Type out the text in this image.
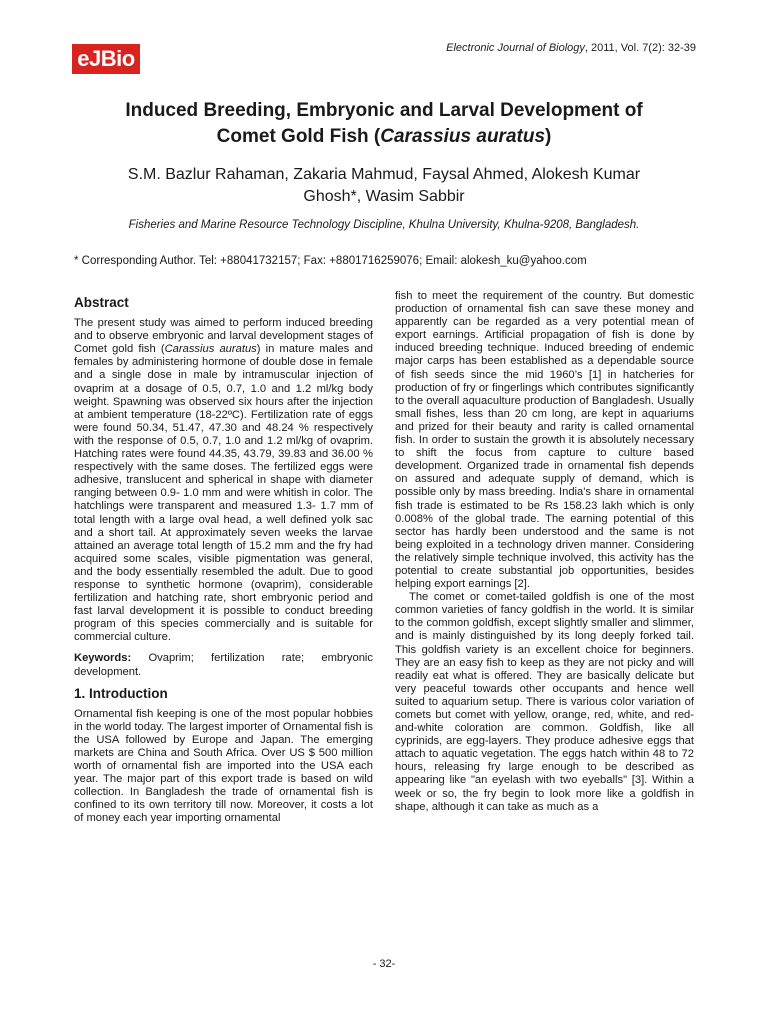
eJBio	Electronic Journal of Biology, 2011, Vol. 7(2): 32-39
Induced Breeding, Embryonic and Larval Development of
Comet Gold Fish (Carassius auratus)
S.M. Bazlur Rahaman, Zakaria Mahmud, Faysal Ahmed, Alokesh Kumar
Ghosh*, Wasim Sabbir
Fisheries and Marine Resource Technology Discipline, Khulna University, Khulna-9208, Bangladesh.
* Corresponding Author. Tel: +88041732157; Fax: +8801716259076; Email: alokesh_ku@yahoo.com
Abstract

The present study was aimed to perform induced breeding and to observe embryonic and larval development stages of Comet gold fish (Carassius auratus) in mature males and females by administering hormone of double dose in female and a single dose in male by intramuscular injection of ovaprim at a dosage of 0.5, 0.7, 1.0 and 1.2 ml/kg body weight. Spawning was observed six hours after the injection at ambient temperature (18-22ºC). Fertilization rate of eggs were found 50.34, 51.47, 47.30 and 48.24 % respectively with the response of 0.5, 0.7, 1.0 and 1.2 ml/kg of ovaprim. Hatching rates were found 44.35, 43.79, 39.83 and 36.00 % respectively with the same doses. The fertilized eggs were adhesive, translucent and spherical in shape with diameter ranging between 0.9- 1.0 mm and were whitish in color. The hatchlings were transparent and measured 1.3- 1.7 mm of total length with a large oval head, a well defined yolk sac and a short tail. At approximately seven weeks the larvae attained an average total length of 15.2 mm and the fry had acquired some scales, visible pigmentation was general, and the body essentially resembled the adult. Due to good response to synthetic hormone (ovaprim), considerable fertilization and hatching rate, short embryonic period and fast larval development it is possible to conduct breeding program of this species commercially and is suitable for commercial culture.

Keywords: Ovaprim; fertilization rate; embryonic development.

1. Introduction

Ornamental fish keeping is one of the most popular hobbies in the world today. The largest importer of Ornamental fish is the USA followed by Europe and Japan. The emerging markets are China and South Africa. Over US $ 500 million worth of ornamental fish are imported into the USA each year. The major part of this export trade is based on wild collection. In Bangladesh the trade of ornamental fish is confined to its own territory till now. Moreover, it costs a lot of money each year importing ornamental

fish to meet the requirement of the country. But domestic production of ornamental fish can save these money and apparently can be regarded as a very potential mean of export earnings. Artificial propagation of fish is done by induced breeding technique. Induced breeding of endemic major carps has been established as a dependable source of fish seeds since the mid 1960’s [1] in hatcheries for production of fry or fingerlings which contributes significantly to the overall aquaculture production of Bangladesh. Usually small fishes, less than 20 cm long, are kept in aquariums and prized for their beauty and rarity is called ornamental fish. In order to sustain the growth it is absolutely necessary to shift the focus from capture to culture based development. Organized trade in ornamental fish depends on assured and adequate supply of demand, which is possible only by mass breeding. India's share in ornamental fish trade is estimated to be Rs 158.23 lakh which is only 0.008% of the global trade. The earning potential of this sector has hardly been understood and the same is not being exploited in a technology driven manner. Considering the relatively simple technique involved, this activity has the potential to create substantial job opportunities, besides helping export earnings [2].

The comet or comet-tailed goldfish is one of the most common varieties of fancy goldfish in the world. It is similar to the common goldfish, except slightly smaller and slimmer, and is mainly distinguished by its long deeply forked tail. This goldfish variety is an excellent choice for beginners. They are an easy fish to keep as they are not picky and will readily eat what is offered. They are basically delicate but very peaceful towards other occupants and hence well suited to aquarium setup. There is various color variation of comets but comet with yellow, orange, red, white, and red-and-white coloration are common. Goldfish, like all cyprinids, are egg-layers. They produce adhesive eggs that attach to aquatic vegetation. The eggs hatch within 48 to 72 hours, releasing fry large enough to be described as appearing like "an eyelash with two eyeballs" [3]. Within a week or so, the fry begin to look more like a goldfish in shape, although it can take as much as a

- 32-
